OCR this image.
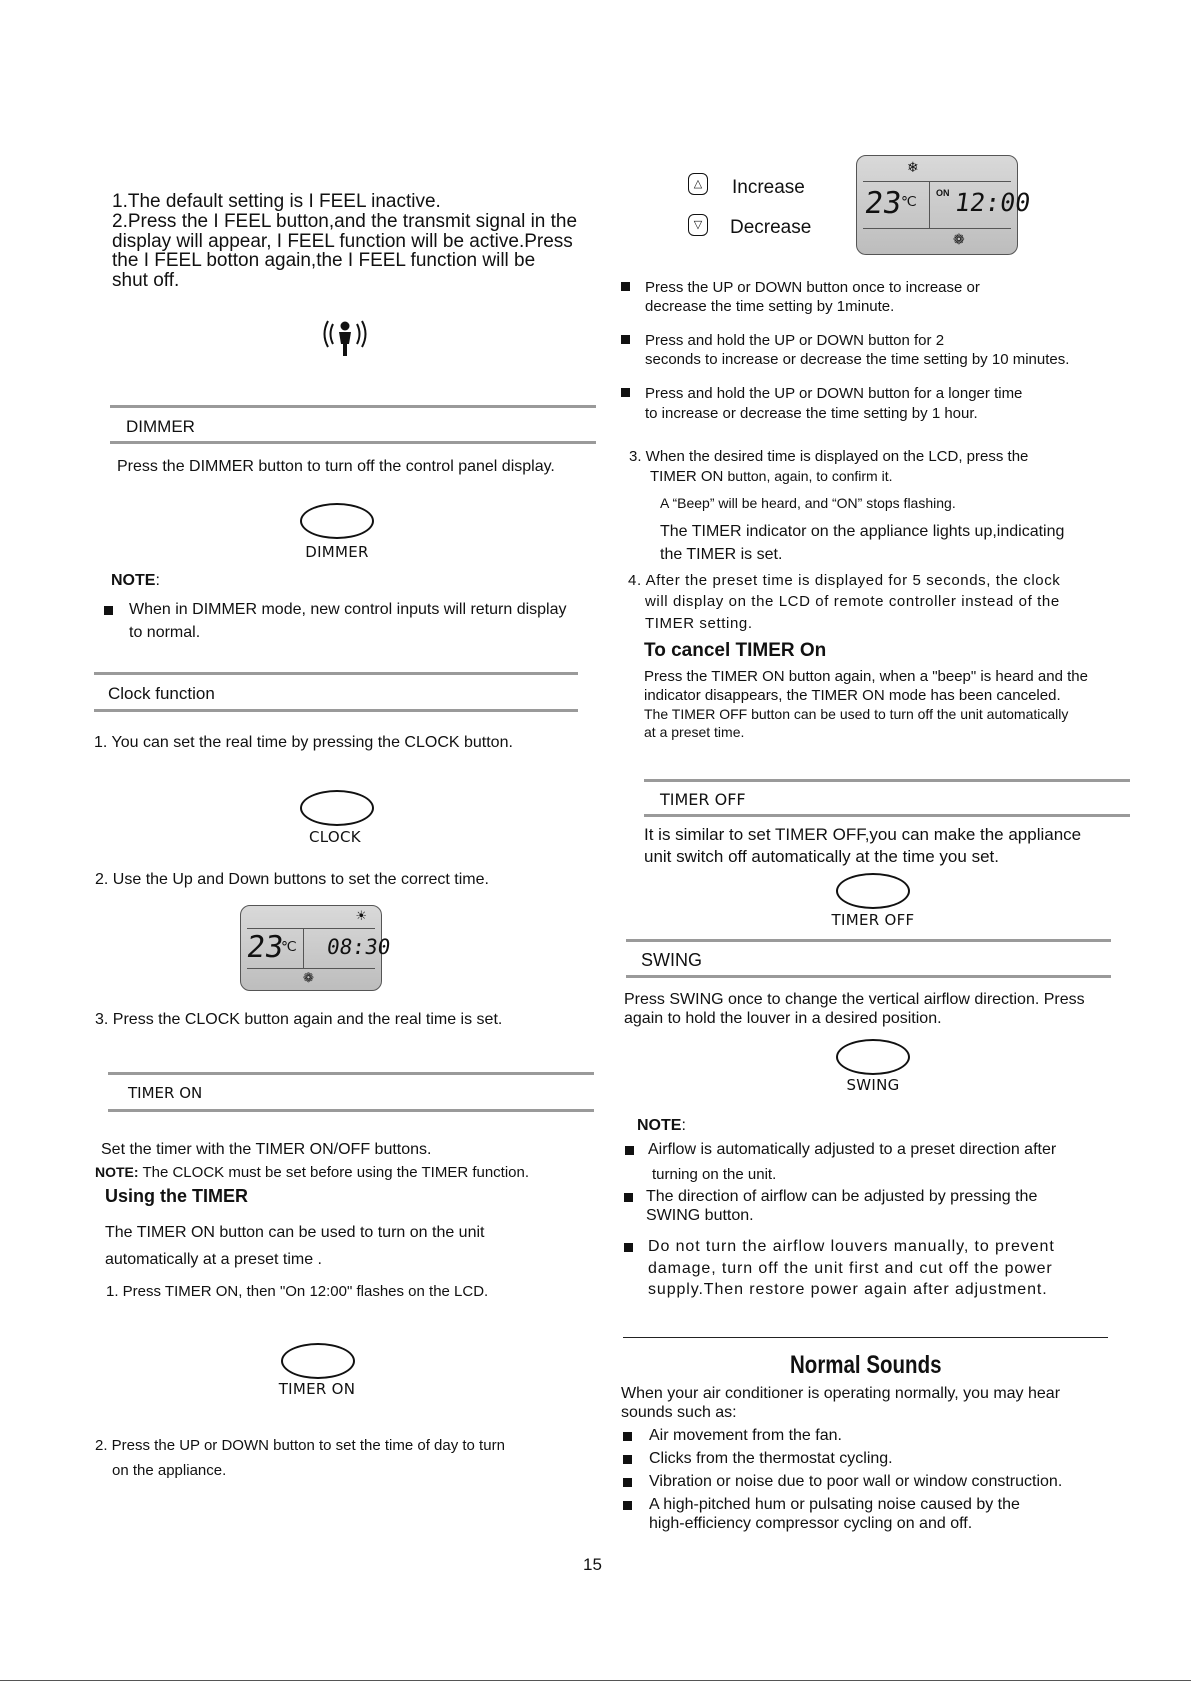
1.The default setting is I FEEL inactive.

2.Press the I FEEL button,and the transmit signal in the

display will appear, I FEEL function will be active.Press

the I FEEL botton again,the I FEEL function will be

shut off.

DIMMER

Press the DIMMER button to turn off the control panel display.

DIMMER

NOTE:

When in DIMMER mode, new control inputs will return display

to normal.

Clock function

1. You can set the real time by pressing the CLOCK button.

CLOCK

2. Use the Up and Down buttons to set the correct time.

☀
23
℃ 08:30
❁

3. Press the CLOCK button again and the real time is set.

TIMER ON

Set the timer with the TIMER ON/OFF buttons.

NOTE: The CLOCK must be set before using the TIMER function.

Using the TIMER

The TIMER ON button can be used to turn on the unit

automatically at a preset time .

1. Press TIMER ON, then "On 12:00" flashes on the LCD.

TIMER ON

2. Press the UP or DOWN button to set the time of day to turn

on the appliance.

△	Increase

▽	Decrease

❄
23
℃ ON 12:00
❁

Press the UP or DOWN button once to increase or

decrease the time setting by 1minute.

Press and hold the UP or DOWN button for 2

seconds to increase or decrease the time setting by 10 minutes.

Press and hold the UP or DOWN button for a longer time

to increase or decrease the time setting by 1 hour.

3. When the desired time is displayed on the LCD, press the

TIMER ON button, again, to confirm it.

A “Beep” will be heard, and “ON” stops flashing.

The TIMER indicator on the appliance lights up,indicating

the TIMER is set.

4. After the preset time is displayed for 5 seconds, the clock

will display on the LCD of remote controller instead of the

TIMER setting.

To cancel TIMER On

Press the TIMER ON button again, when a "beep" is heard and the

indicator disappears, the TIMER ON mode has been canceled.

The TIMER OFF button can be used to turn off the unit automatically

at a preset time.

TIMER OFF

It is similar to set TIMER OFF,you can make the appliance

unit switch off automatically at the time you set.

TIMER OFF
SWING

Press SWING once to change the vertical airflow direction. Press

again to hold the louver in a desired position.

SWING

NOTE:

Airflow is automatically adjusted to a preset direction after

turning on the unit.

The direction of airflow can be adjusted by pressing the

SWING button.

Do not turn the airflow louvers manually, to prevent

damage, turn off the unit first and cut off the power

supply.Then restore power again after adjustment.

Normal Sounds

When your air conditioner is operating normally, you may hear

sounds such as:

Air movement from the fan.

Clicks from the thermostat cycling.

Vibration or noise due to poor wall or window construction.

A high-pitched hum or pulsating noise caused by the

high-efficiency compressor cycling on and off.

15
